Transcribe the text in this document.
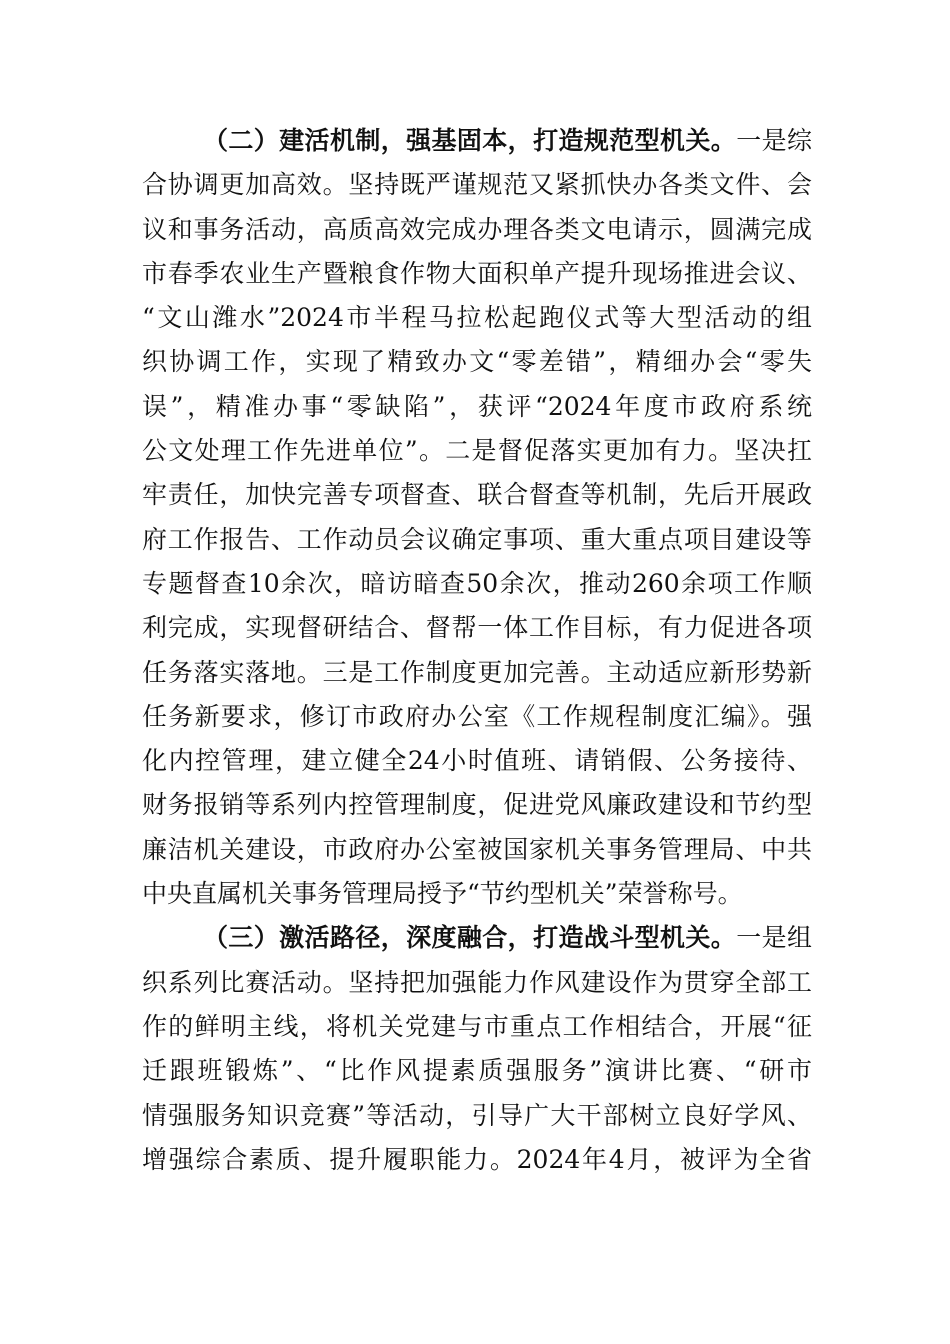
（二）建活机制，强基固本，打造规范型机关。一是综
合协调更加高效。坚持既严谨规范又紧抓快办各类文件、会
议和事务活动，高质高效完成办理各类文电请示，圆满完成
市春季农业生产暨粮食作物大面积单产提升现场推进会议、
“文山潍水”2024市半程马拉松起跑仪式等大型活动的组
织协调工作，实现了精致办文“零差错”，精细办会“零失
误”，精准办事“零缺陷”，获评“2024年度市政府系统
公文处理工作先进单位”。二是督促落实更加有力。坚决扛
牢责任，加快完善专项督查、联合督查等机制，先后开展政
府工作报告、工作动员会议确定事项、重大重点项目建设等
专题督查10余次，暗访暗查50余次，推动260余项工作顺
利完成，实现督研结合、督帮一体工作目标，有力促进各项
任务落实落地。三是工作制度更加完善。主动适应新形势新
任务新要求，修订市政府办公室《工作规程制度汇编》。强
化内控管理，建立健全24小时值班、请销假、公务接待、
财务报销等系列内控管理制度，促进党风廉政建设和节约型
廉洁机关建设，市政府办公室被国家机关事务管理局、中共
中央直属机关事务管理局授予“节约型机关”荣誉称号。
（三）激活路径，深度融合，打造战斗型机关。一是组
织系列比赛活动。坚持把加强能力作风建设作为贯穿全部工
作的鲜明主线，将机关党建与市重点工作相结合，开展“征
迁跟班锻炼”、“比作风提素质强服务”演讲比赛、“研市
情强服务知识竞赛”等活动，引导广大干部树立良好学风、
增强综合素质、提升履职能力。2024年4月，被评为全省
